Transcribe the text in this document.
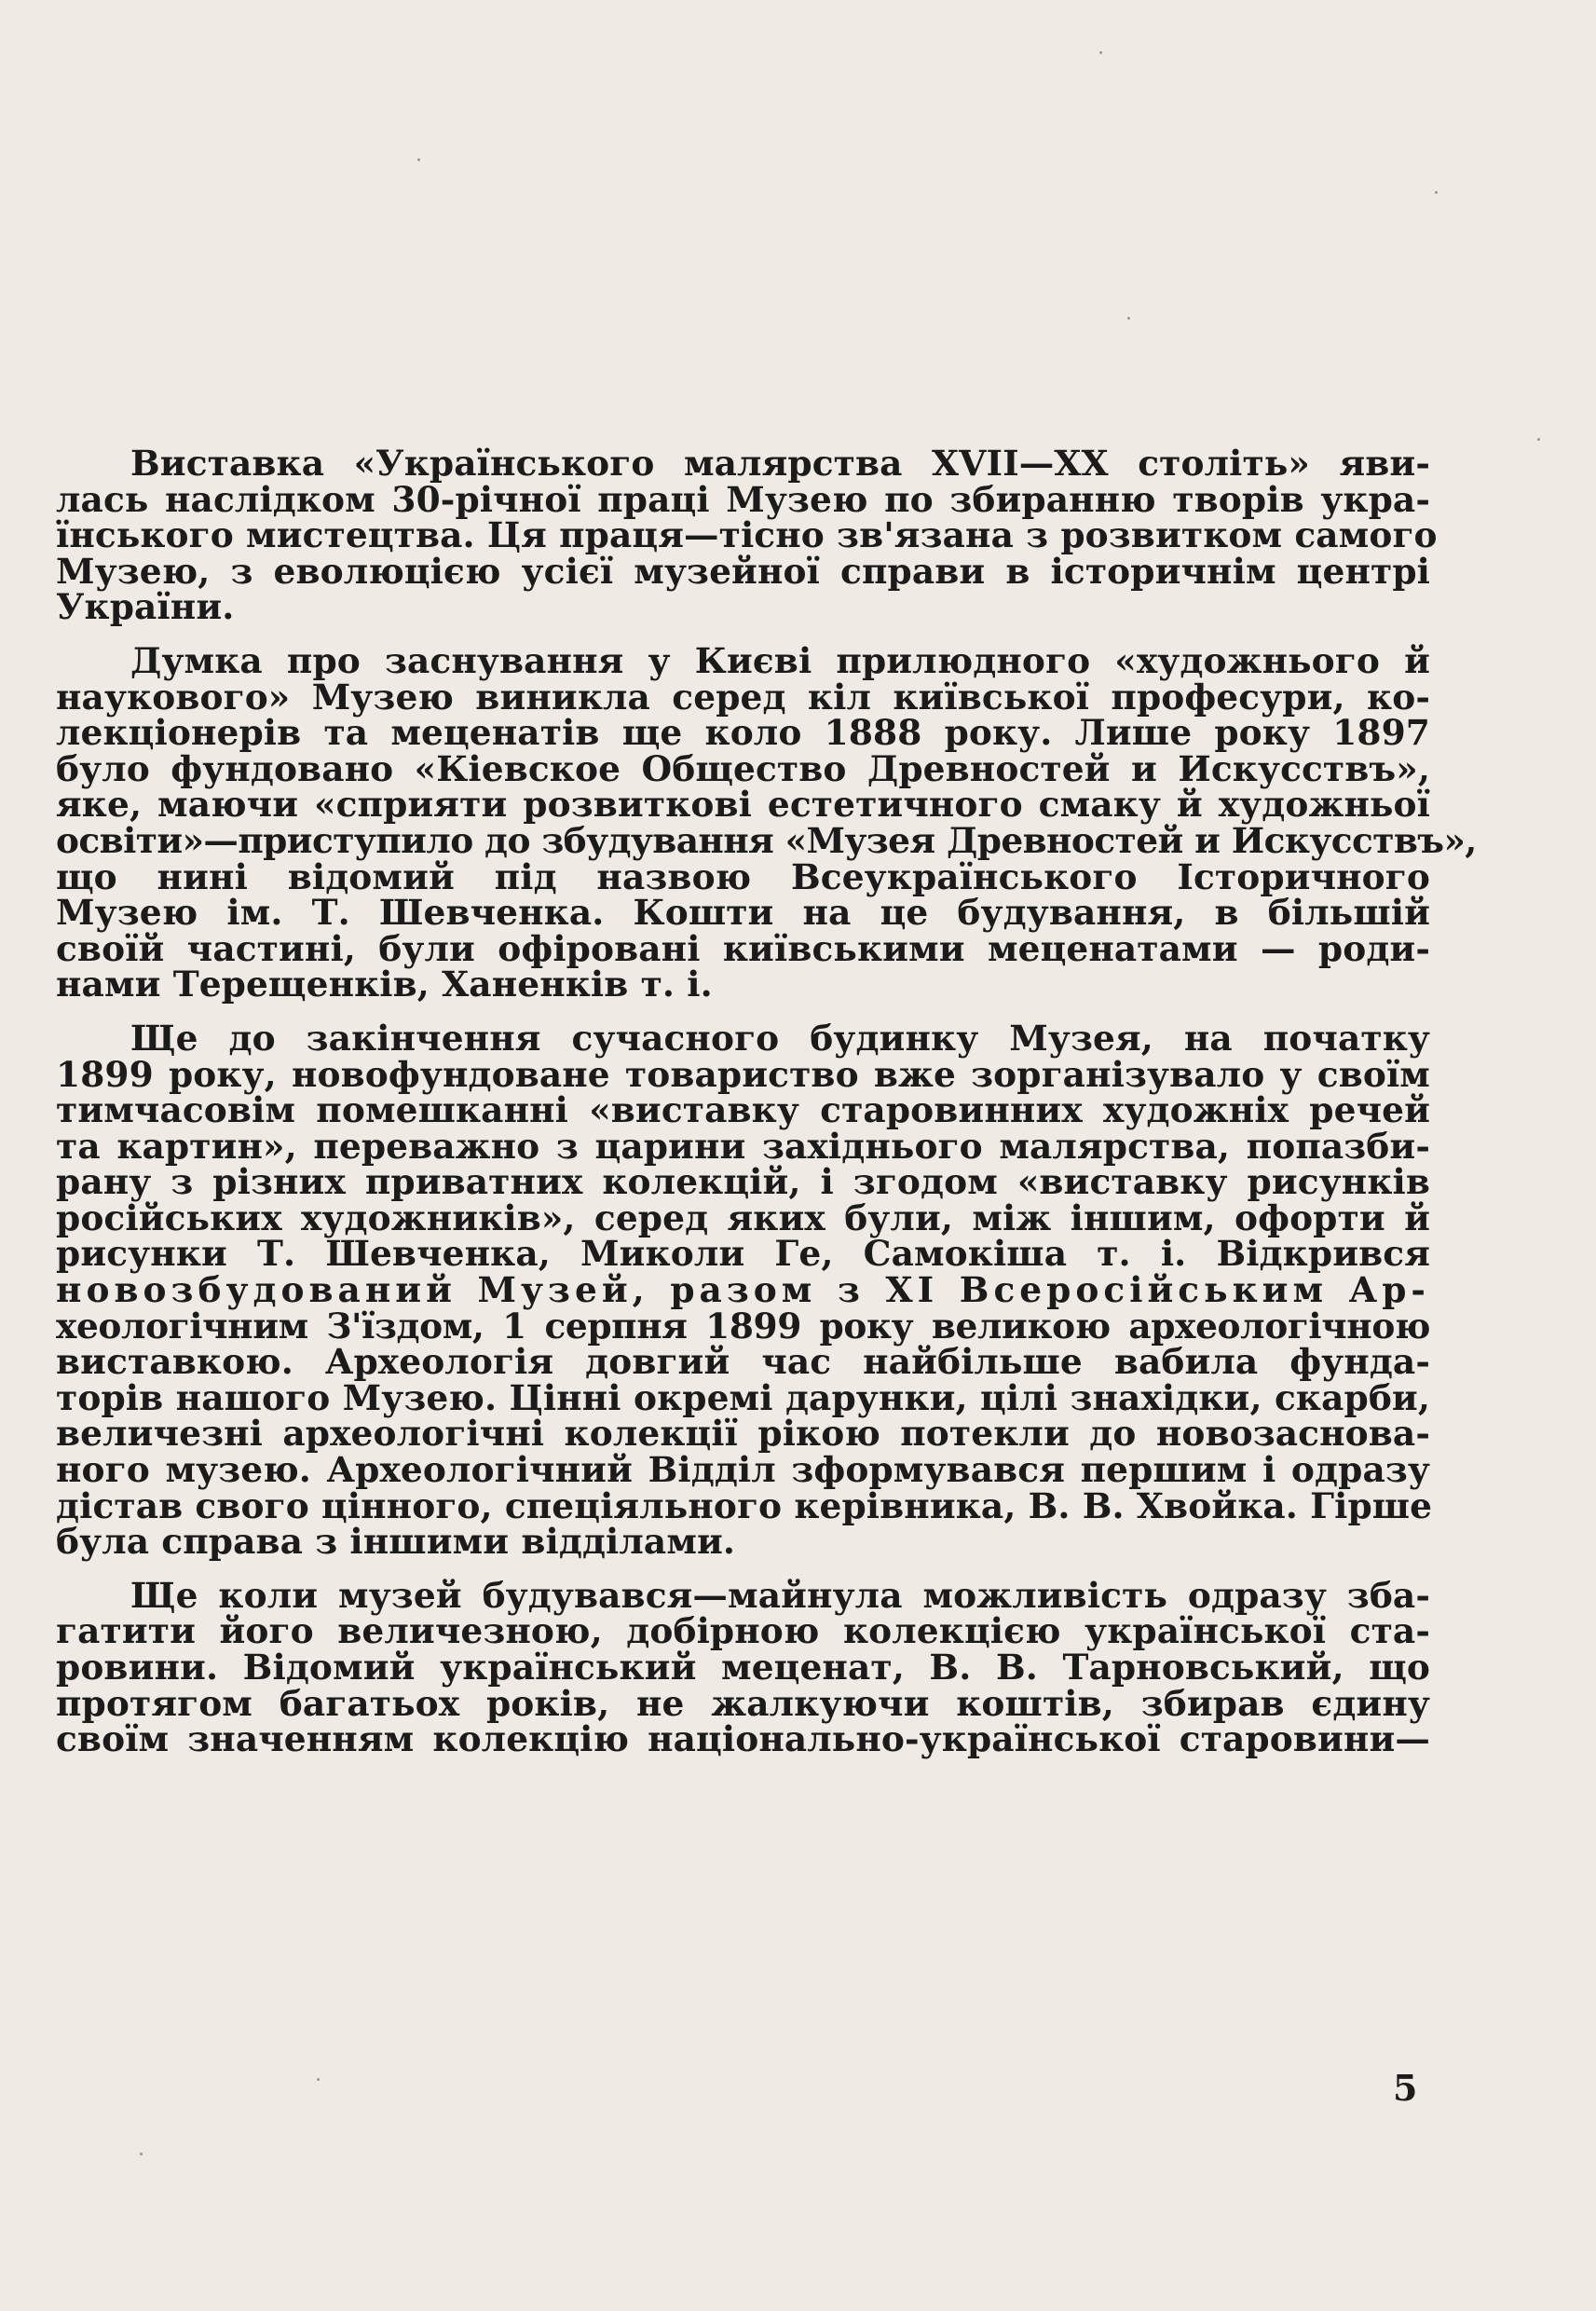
Виставка «Українського малярства XVII—XX століть» яви-
лась наслідком 30-річної праці Музею по збиранню творів укра-
їнського мистецтва. Ця праця—тісно зв'язана з розвитком самого
Музею, з еволюцією усієї музейної справи в історичнім центрі
України.

Думка про заснування у Києві прилюдного «художнього й
наукового» Музею виникла серед кіл київської професури, ко-
лекціонерів та меценатів ще коло 1888 року. Лише року 1897
було фундовано «Кіевское Общество Древностей и Искусствъ»,
яке, маючи «сприяти розвиткові естетичного смаку й художньої
освіти»—приступило до збудування «Музея Древностей и Искусствъ»,
що нині відомий під назвою Всеукраїнського Історичного
Музею ім. Т. Шевченка. Кошти на це будування, в більшій
своїй частині, були офіровані київськими меценатами — роди-
нами Терещенків, Ханенків т. і.

Ще до закінчення сучасного будинку Музея, на початку
1899 року, новофундоване товариство вже зорганізувало у своїм
тимчасовім помешканні «виставку старовинних художніх речей
та картин», переважно з царини західнього малярства, попазби-
рану з різних приватних колекцій, і згодом «виставку рисунків
російських художників», серед яких були, між іншим, офорти й
рисунки Т. Шевченка, Миколи Ге, Самокіша т. і. Відкрився
новозбудований Музей, разом з XI Всеросійським Ар-
хеологічним З'їздом, 1 серпня 1899 року великою археологічною
виставкою. Археологія довгий час найбільше вабила фунда-
торів нашого Музею. Цінні окремі дарунки, цілі знахідки, скарби,
величезні археологічні колекції рікою потекли до новозаснова-
ного музею. Археологічний Відділ зформувався першим і одразу
дістав свого цінного, спеціяльного керівника, В. В. Хвойка. Гірше
була справа з іншими відділами.

Ще коли музей будувався—майнула можливість одразу зба-
гатити його величезною, добірною колекцією української ста-
ровини. Відомий український меценат, В. В. Тарновський, що
протягом багатьох років, не жалкуючи коштів, збирав єдину
своїм значенням колекцію національно-української старовини—

5
